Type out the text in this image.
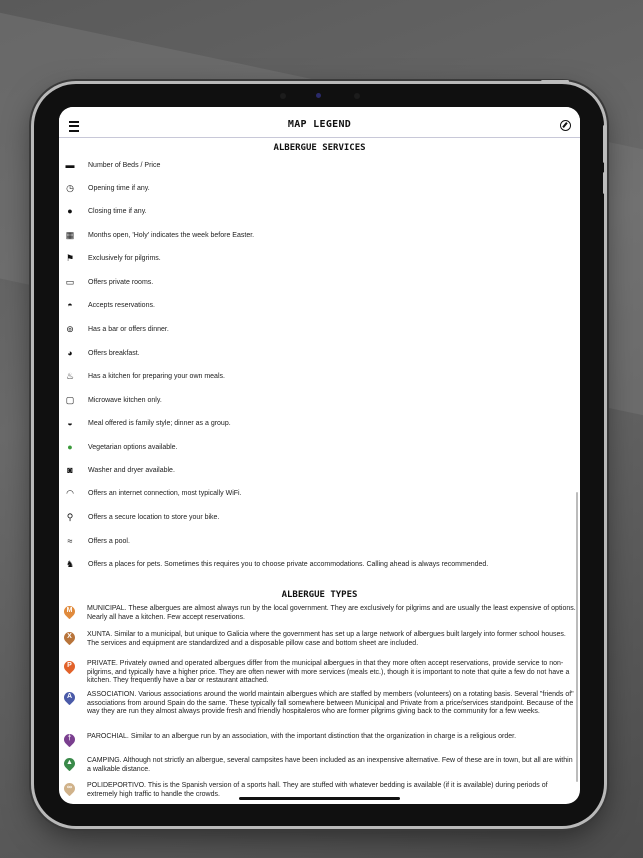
MAP LEGEND
ALBERGUE SERVICES
▬ Number of Beds / Price
◷ Opening time if any.
●	Closing time if any.
▦ Months open, 'Holy' indicates the week before Easter.
⚑ Exclusively for pilgrims.
▭ Offers private rooms.
◓	Accepts reservations.
⊚	Has a bar or offers dinner.
◕	Offers breakfast.
♨ Has a kitchen for preparing your own meals.
▢ Microwave kitchen only.
◒	Meal offered is family style; dinner as a group.
●	Vegetarian options available.
◙	Washer and dryer available.
◠ Offers an internet connection, most typically WiFi.
⚲	Offers a secure location to store your bike.
≈	Offers a pool.
♞ Offers a places for pets. Sometimes this requires you to choose private accommodations. Calling ahead is always recommended.
ALBERGUE TYPES
M	MUNICIPAL. These albergues are almost always run by the local government. They are exclusively for pilgrims and are usually the least expensive of options. Nearly all have a kitchen. Few accept reservations.
X	XUNTA. Similar to a municipal, but unique to Galicia where the government has set up a large network of albergues built largely into former school houses. The services and equipment are standardized and a disposable pillow case and bottom sheet are included.
P	PRIVATE. Privately owned and operated albergues differ from the municipal albergues in that they more often accept reservations, provide service to non-pilgrims, and typically have a higher price. They are often newer with more services (meals etc.), though it is important to note that quite a few do not have a kitchen. They frequently have a bar or restaurant attached.
A	ASSOCIATION. Various associations around the world maintain albergues which are staffed by members (volunteers) on a rotating basis. Several "friends of" associations from around Spain do the same. These typically fall somewhere between Municipal and Private from a price/services standpoint. Because of the way they are run they almost always provide fresh and friendly hospitaleros who are former pilgrims giving back to the community for a few weeks.
†	PAROCHIAL. Similar to an albergue run by an association, with the important distinction that the organization in charge is a religious order.
▲ CAMPING. Although not strictly an albergue, several campsites have been included as an inexpensive alternative. Few of these are in town, but all are within a walkable distance.
∞	POLIDEPORTIVO. This is the Spanish version of a sports hall. They are stuffed with whatever bedding is available (if it is available) during periods of extremely high traffic to handle the crowds.
